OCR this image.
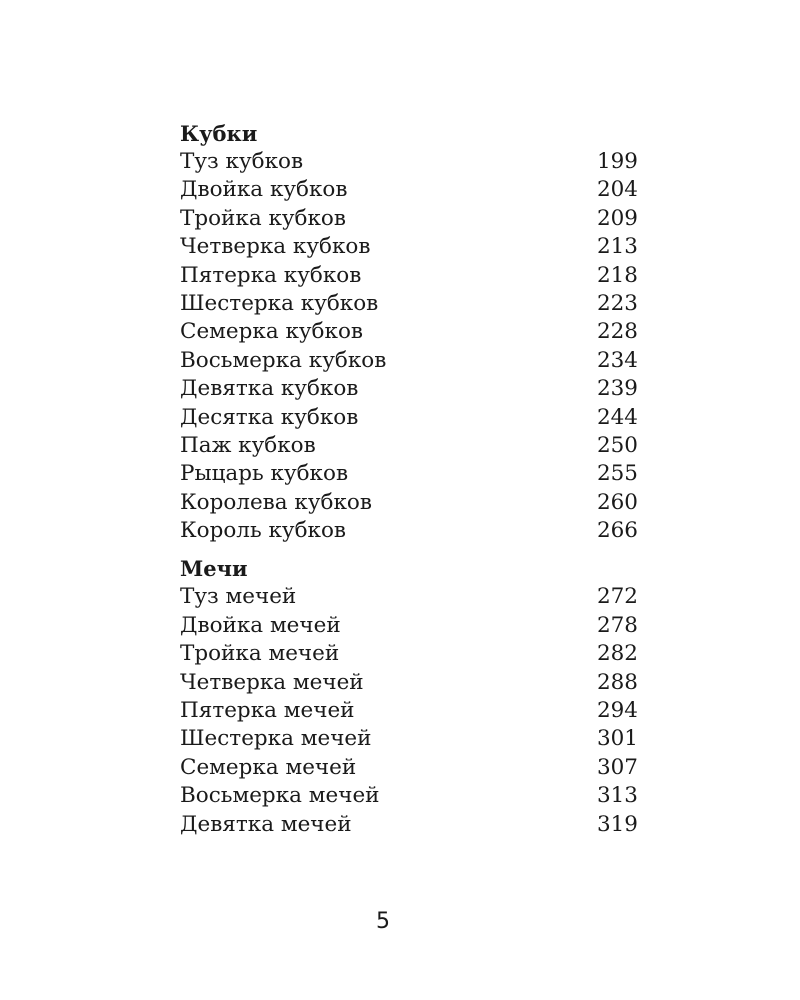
Кубки
Туз кубков	199
Двойка кубков	204
Тройка кубков	209
Четверка кубков	213
Пятерка кубков	218
Шестерка кубков	223
Семерка кубков	228
Восьмерка кубков	234
Девятка кубков	239
Десятка кубков	244
Паж кубков	250
Рыцарь кубков	255
Королева кубков	260
Король кубков	266
Мечи
Туз мечей	272
Двойка мечей	278
Тройка мечей	282
Четверка мечей	288
Пятерка мечей	294
Шестерка мечей	301
Семерка мечей	307
Восьмерка мечей	313
Девятка мечей	319
5
